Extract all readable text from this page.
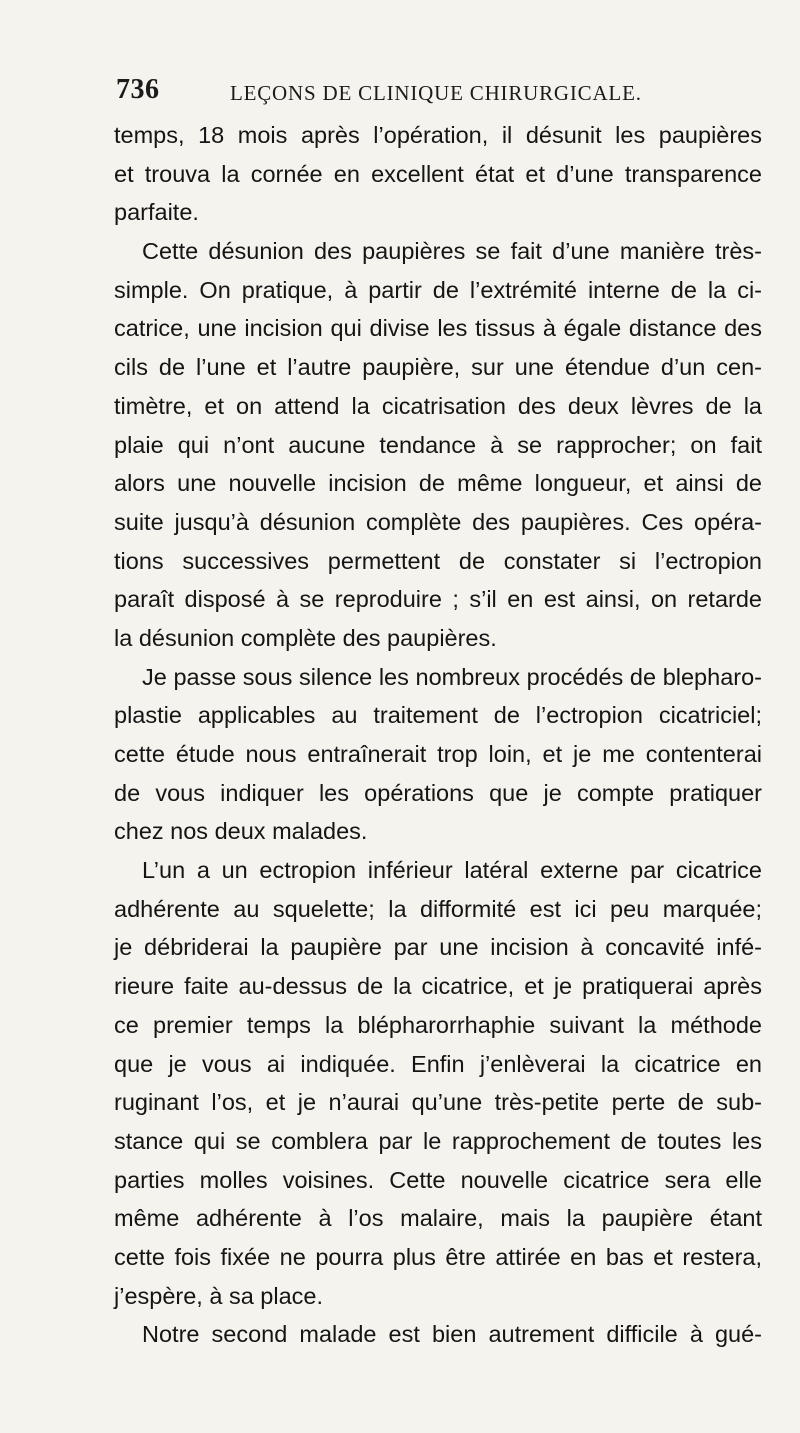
736	LEÇONS DE CLINIQUE CHIRURGICALE.
temps, 18 mois après l’opération, il désunit les paupières
et trouva la cornée en excellent état et d’une transparence
parfaite.
Cette désunion des paupières se fait d’une manière très-
simple. On pratique, à partir de l’extrémité interne de la ci-
catrice, une incision qui divise les tissus à égale distance des
cils de l’une et l’autre paupière, sur une étendue d’un cen-
timètre, et on attend la cicatrisation des deux lèvres de la
plaie qui n’ont aucune tendance à se rapprocher; on fait
alors une nouvelle incision de même longueur, et ainsi de
suite jusqu’à désunion complète des paupières. Ces opéra-
tions successives permettent de constater si l’ectropion
paraît disposé à se reproduire ; s’il en est ainsi, on retarde
la désunion complète des paupières.
Je passe sous silence les nombreux procédés de blepharo-
plastie applicables au traitement de l’ectropion cicatriciel;
cette étude nous entraînerait trop loin, et je me contenterai
de vous indiquer les opérations que je compte pratiquer
chez nos deux malades.
L’un a un ectropion inférieur latéral externe par cicatrice
adhérente au squelette; la difformité est ici peu marquée;
je débriderai la paupière par une incision à concavité infé-
rieure faite au-dessus de la cicatrice, et je pratiquerai après
ce premier temps la blépharorrhaphie suivant la méthode
que je vous ai indiquée. Enfin j’enlèverai la cicatrice en
ruginant l’os, et je n’aurai qu’une très-petite perte de sub-
stance qui se comblera par le rapprochement de toutes les
parties molles voisines. Cette nouvelle cicatrice sera elle
même adhérente à l’os malaire, mais la paupière étant
cette fois fixée ne pourra plus être attirée en bas et restera,
j’espère, à sa place.
Notre second malade est bien autrement difficile à gué-
